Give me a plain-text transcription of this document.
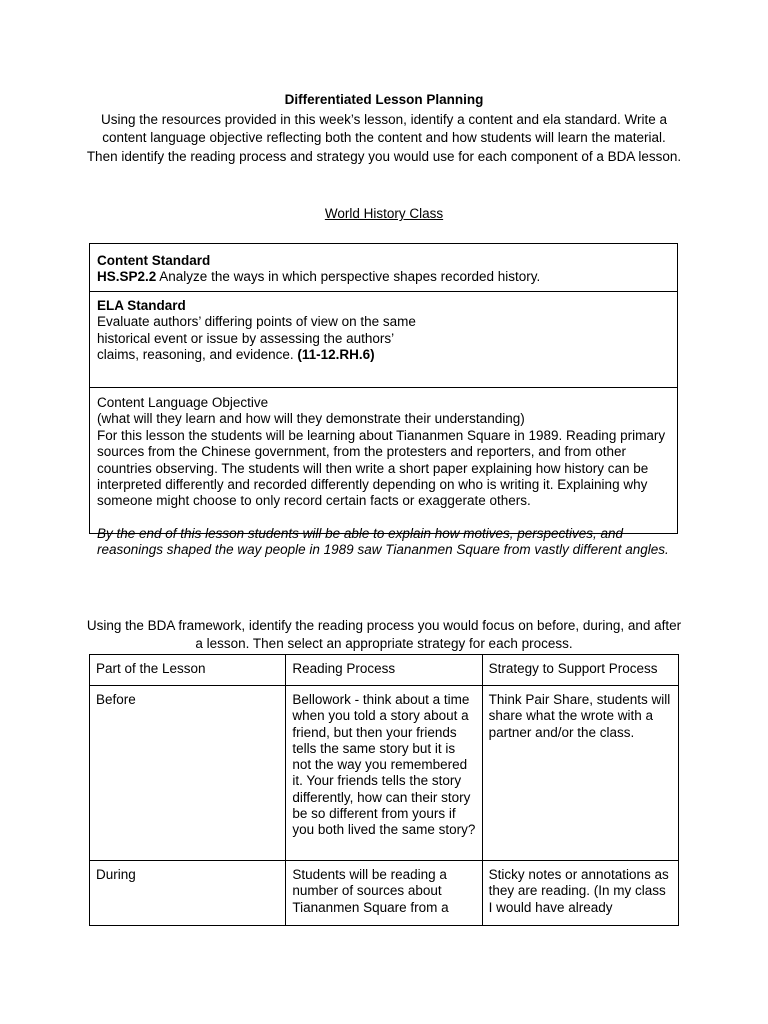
Differentiated Lesson Planning
Using the resources provided in this week’s lesson, identify a content and ela standard. Write a content language objective reflecting both the content and how students will learn the material. Then identify the reading process and strategy you would use for each component of a BDA lesson.
World History Class
Content Standard
HS.SP2.2 Analyze the ways in which perspective shapes recorded history.
ELA Standard
Evaluate authors’ differing points of view on the same
historical event or issue by assessing the authors’
claims, reasoning, and evidence. (11-12.RH.6)
Content Language Objective
(what will they learn and how will they demonstrate their understanding)
For this lesson the students will be learning about Tiananmen Square in 1989. Reading primary sources from the Chinese government, from the protesters and reporters, and from other countries observing. The students will then write a short paper explaining how history can be interpreted differently and recorded differently depending on who is writing it. Explaining why someone might choose to only record certain facts or exaggerate others.
By the end of this lesson students will be able to explain how motives, perspectives, and reasonings shaped the way people in 1989 saw Tiananmen Square from vastly different angles.
Using the BDA framework, identify the reading process you would focus on before, during, and after a lesson. Then select an appropriate strategy for each process.
Part of the Lesson	Reading Process	Strategy to Support Process
Before	Bellowork - think about a time when you told a story about a friend, but then your friends tells the same story but it is not the way you remembered it. Your friends tells the story differently, how can their story be so different from yours if you both lived the same story?	Think Pair Share, students will share what the wrote with a partner and/or the class.
During	Students will be reading a number of sources about Tiananmen Square from a	Sticky notes or annotations as they are reading. (In my class I would have already
